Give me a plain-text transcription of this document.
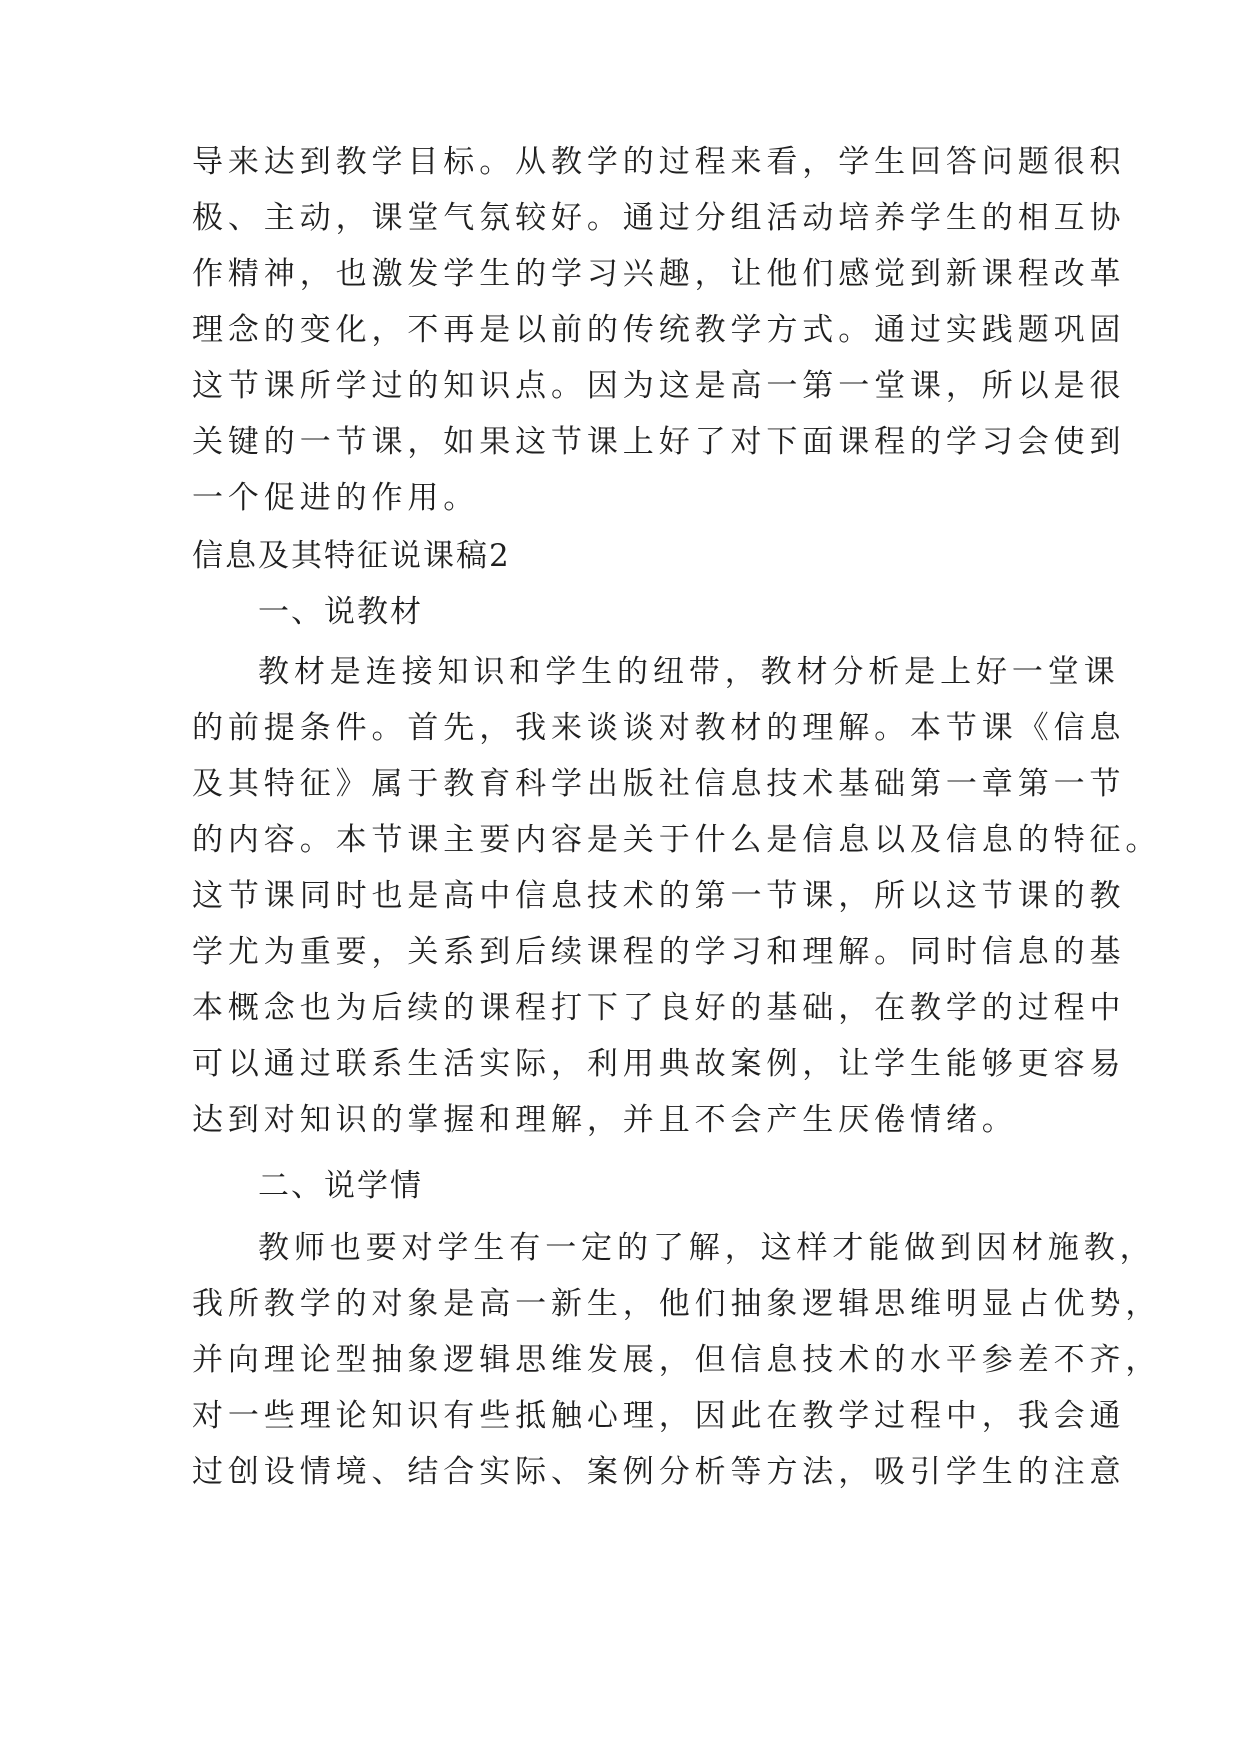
导来达到教学目标。从教学的过程来看，学生回答问题很积
极、主动，课堂气氛较好。通过分组活动培养学生的相互协
作精神，也激发学生的学习兴趣，让他们感觉到新课程改革
理念的变化，不再是以前的传统教学方式。通过实践题巩固
这节课所学过的知识点。因为这是高一第一堂课，所以是很
关键的一节课，如果这节课上好了对下面课程的学习会使到
一个促进的作用。
信息及其特征说课稿2
一、说教材
教材是连接知识和学生的纽带，教材分析是上好一堂课
的前提条件。首先，我来谈谈对教材的理解。本节课《信息
及其特征》属于教育科学出版社信息技术基础第一章第一节
的内容。本节课主要内容是关于什么是信息以及信息的特征。
这节课同时也是高中信息技术的第一节课，所以这节课的教
学尤为重要，关系到后续课程的学习和理解。同时信息的基
本概念也为后续的课程打下了良好的基础，在教学的过程中
可以通过联系生活实际，利用典故案例，让学生能够更容易
达到对知识的掌握和理解，并且不会产生厌倦情绪。
二、说学情
教师也要对学生有一定的了解，这样才能做到因材施教，
我所教学的对象是高一新生，他们抽象逻辑思维明显占优势，
并向理论型抽象逻辑思维发展，但信息技术的水平参差不齐，
对一些理论知识有些抵触心理，因此在教学过程中，我会通
过创设情境、结合实际、案例分析等方法，吸引学生的注意
